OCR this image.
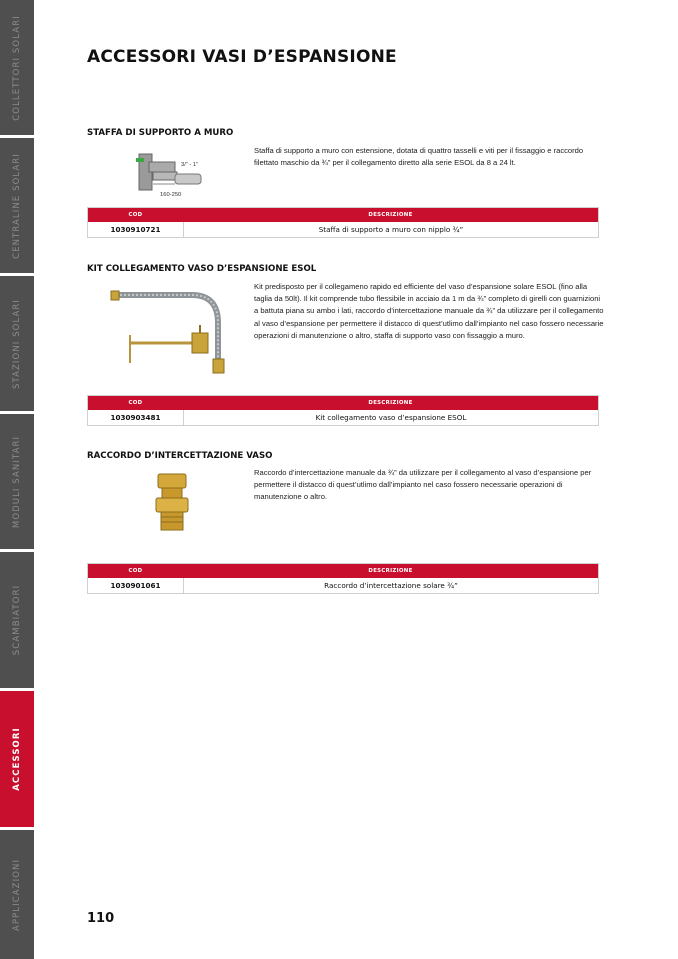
COLLETTORI SOLARI
CENTRALINE SOLARI
STAZIONI SOLARI
MODULI SANITARI
SCAMBIATORI
ACCESSORI
APPLICAZIONI
ACCESSORI VASI D’ESPANSIONE
STAFFA DI SUPPORTO A MURO
3/” - 1”
160-250
Staffa di supporto a muro con estensione, dotata di quattro tasselli e viti per il fissaggio e raccordo filettato maschio da ¾” per il collegamento diretto alla serie ESOL da 8 a 24 lt.
COD	DESCRIZIONE
1030910721	Staffa di supporto a muro con nipplo ¾”
KIT COLLEGAMENTO VASO D’ESPANSIONE ESOL
Kit predisposto per il collegameno rapido ed efficiente del vaso d’espansione solare ESOL (fino alla taglia da 50lt). Il kit comprende tubo flessibile in acciaio da 1 m da ¾” completo di girelli con guarnizioni a battuta piana su ambo i lati, raccordo d’intercettazione manuale da ¾” da utilizzare per il collegamento al vaso d’espansione per permettere il distacco di quest’utlimo dall’impianto nel caso fossero necessarie operazioni di manutenzione o altro, staffa di supporto vaso con fissaggio a muro.
COD	DESCRIZIONE
1030903481	Kit collegamento vaso d’espansione ESOL
RACCORDO D’INTERCETTAZIONE VASO
Raccordo d’intercettazione manuale da ¾” da utilizzare per il collegamento al vaso d’espansione per permettere il distacco di quest’utlimo dall’impianto nel caso fossero necessarie operazioni di manutenzione o altro.
COD	DESCRIZIONE
1030901061	Raccordo d’intercettazione solare ¾”
110
